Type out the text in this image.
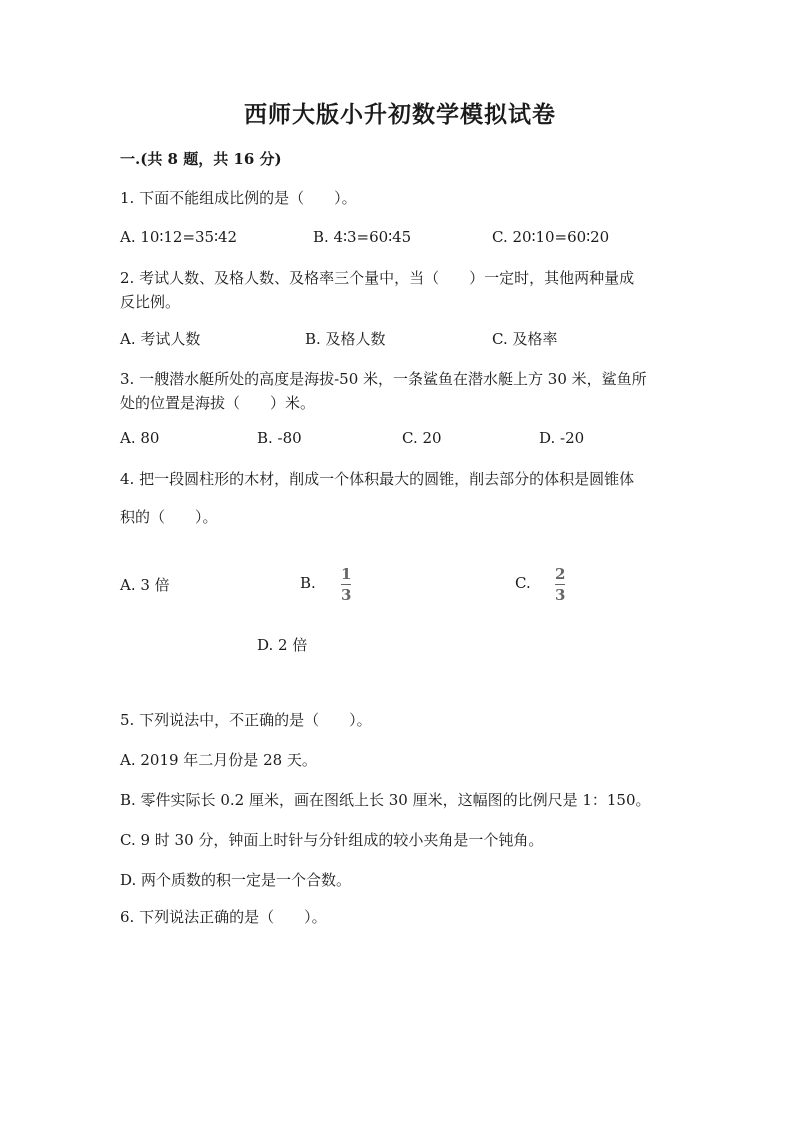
西师大版小升初数学模拟试卷
一.(共 8 题，共 16 分)
1. 下面不能组成比例的是（　　）。
A. 10∶12=35∶42	B. 4∶3=60∶45	C. 20∶10=60∶20
2. 考试人数、及格人数、及格率三个量中，当（　　）一定时，其他两种量成
反比例。
A. 考试人数	B. 及格人数	C. 及格率
3. 一艘潜水艇所处的高度是海拔-50 米，一条鲨鱼在潜水艇上方 30 米，鲨鱼所
处的位置是海拔（　　）米。
A. 80	B. -80	C. 20	D. -20
4. 把一段圆柱形的木材，削成一个体积最大的圆锥，削去部分的体积是圆锥体
积的（　　）。
A. 3 倍	B. 1
3
C. 2
3
D. 2 倍
5. 下列说法中，不正确的是（　　）。
A. 2019 年二月份是 28 天。
B. 零件实际长 0.2 厘米，画在图纸上长 30 厘米，这幅图的比例尺是 1：150。
C. 9 时 30 分，钟面上时针与分针组成的较小夹角是一个钝角。
D. 两个质数的积一定是一个合数。
6. 下列说法正确的是（　　）。
